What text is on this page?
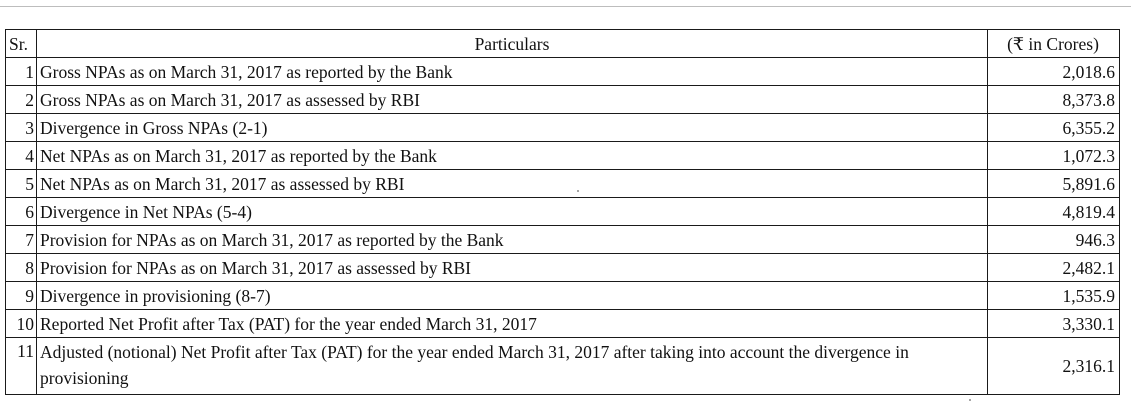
Sr.	Particulars	(₹ in Crores)
1	Gross NPAs as on March 31, 2017 as reported by the Bank	2,018.6
2	Gross NPAs as on March 31, 2017 as assessed by RBI	8,373.8
3	Divergence in Gross NPAs (2-1)	6,355.2
4	Net NPAs as on March 31, 2017 as reported by the Bank	1,072.3
5	Net NPAs as on March 31, 2017 as assessed by RBI	5,891.6
6	Divergence in Net NPAs (5-4)	4,819.4
7	Provision for NPAs as on March 31, 2017 as reported by the Bank	946.3
8	Provision for NPAs as on March 31, 2017 as assessed by RBI	2,482.1
9	Divergence in provisioning (8-7)	1,535.9
10	Reported Net Profit after Tax (PAT) for the year ended March 31, 2017	3,330.1
11	Adjusted (notional) Net Profit after Tax (PAT) for the year ended March 31, 2017 after taking into account the divergence in provisioning	2,316.1
